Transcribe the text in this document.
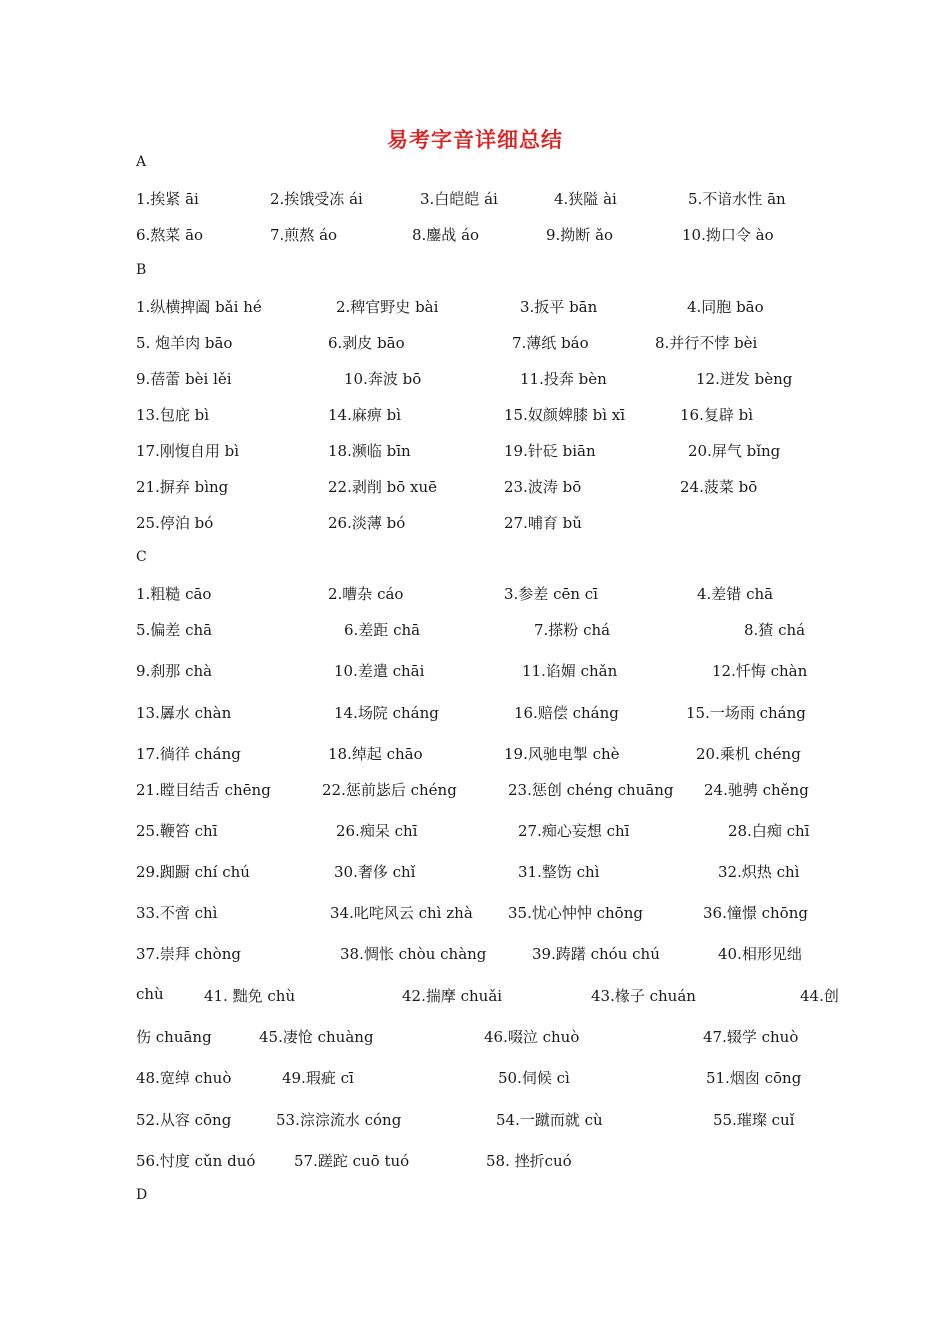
易考字音详细总结
A
1.挨紧 āi	2.挨饿受冻 ái	3.白皑皑 ái	4.狭隘 ài	5.不谙水性 ān
6.熬菜 āo	7.煎熬 áo	8.鏖战 áo	9.拗断 ǎo	10.拗口令 ào
B
1.纵横捭阖 bǎi hé	2.稗官野史 bài	3.扳平 bān	4.同胞 bāo
5. 炮羊肉 bāo	6.剥皮 bāo	7.薄纸 báo	8.并行不悖 bèi
9.蓓蕾 bèi lěi	10.奔波 bō	11.投奔 bèn	12.迸发 bèng
13.包庇 bì	14.麻痹 bì	15.奴颜婢膝 bì xī	16.复辟 bì
17.刚愎自用 bì	18.濒临 bīn	19.针砭 biān	20.屏气 bǐng
21.摒弃 bìng	22.剥削 bō xuē	23.波涛 bō	24.菠菜 bō
25.停泊 bó	26.淡薄 bó	27.哺育 bǔ
C
1.粗糙 cāo	2.嘈杂 cáo	3.参差 cēn cī	4.差错 chā
5.偏差 chā	6.差距 chā	7.搽粉 chá	8.猹 chá
9.刹那 chà	10.差遣 chāi	11.谄媚 chǎn	12.忏悔 chàn
13.羼水 chàn	14.场院 cháng	16.赔偿 cháng	15.一场雨 cháng
17.徜徉 cháng	18.绰起 chāo	19.风驰电掣 chè	20.乘机 chéng
21.瞠目结舌 chēng	22.惩前毖后 chéng	23.惩创 chéng chuāng 24.驰骋 chěng
25.鞭笞 chī	26.痴呆 chī	27.痴心妄想 chī	28.白痴 chī
29.踟蹰 chí chú	30.奢侈 chǐ	31.整饬 chì	32.炽热 chì
33.不啻 chì	34.叱咤风云 chì zhà 35.忧心忡忡 chōng	36.憧憬 chōng
37.崇拜 chòng	38.惆怅 chòu chàng	39.踌躇 chóu chú	40.相形见绌
chù	41. 黜免 chù	42.揣摩 chuǎi	43.椽子 chuán	44.创
伤 chuāng	45.凄怆 chuàng	46.啜泣 chuò	47.辍学 chuò
48.宽绰 chuò	49.瑕疵 cī	50.伺候 cì	51.烟囱 cōng
52.从容 cōng	53.淙淙流水 cóng	54.一蹴而就 cù	55.璀璨 cuǐ
56.忖度 cǔn duó	57.蹉跎 cuō tuó	58. 挫折cuó
D
